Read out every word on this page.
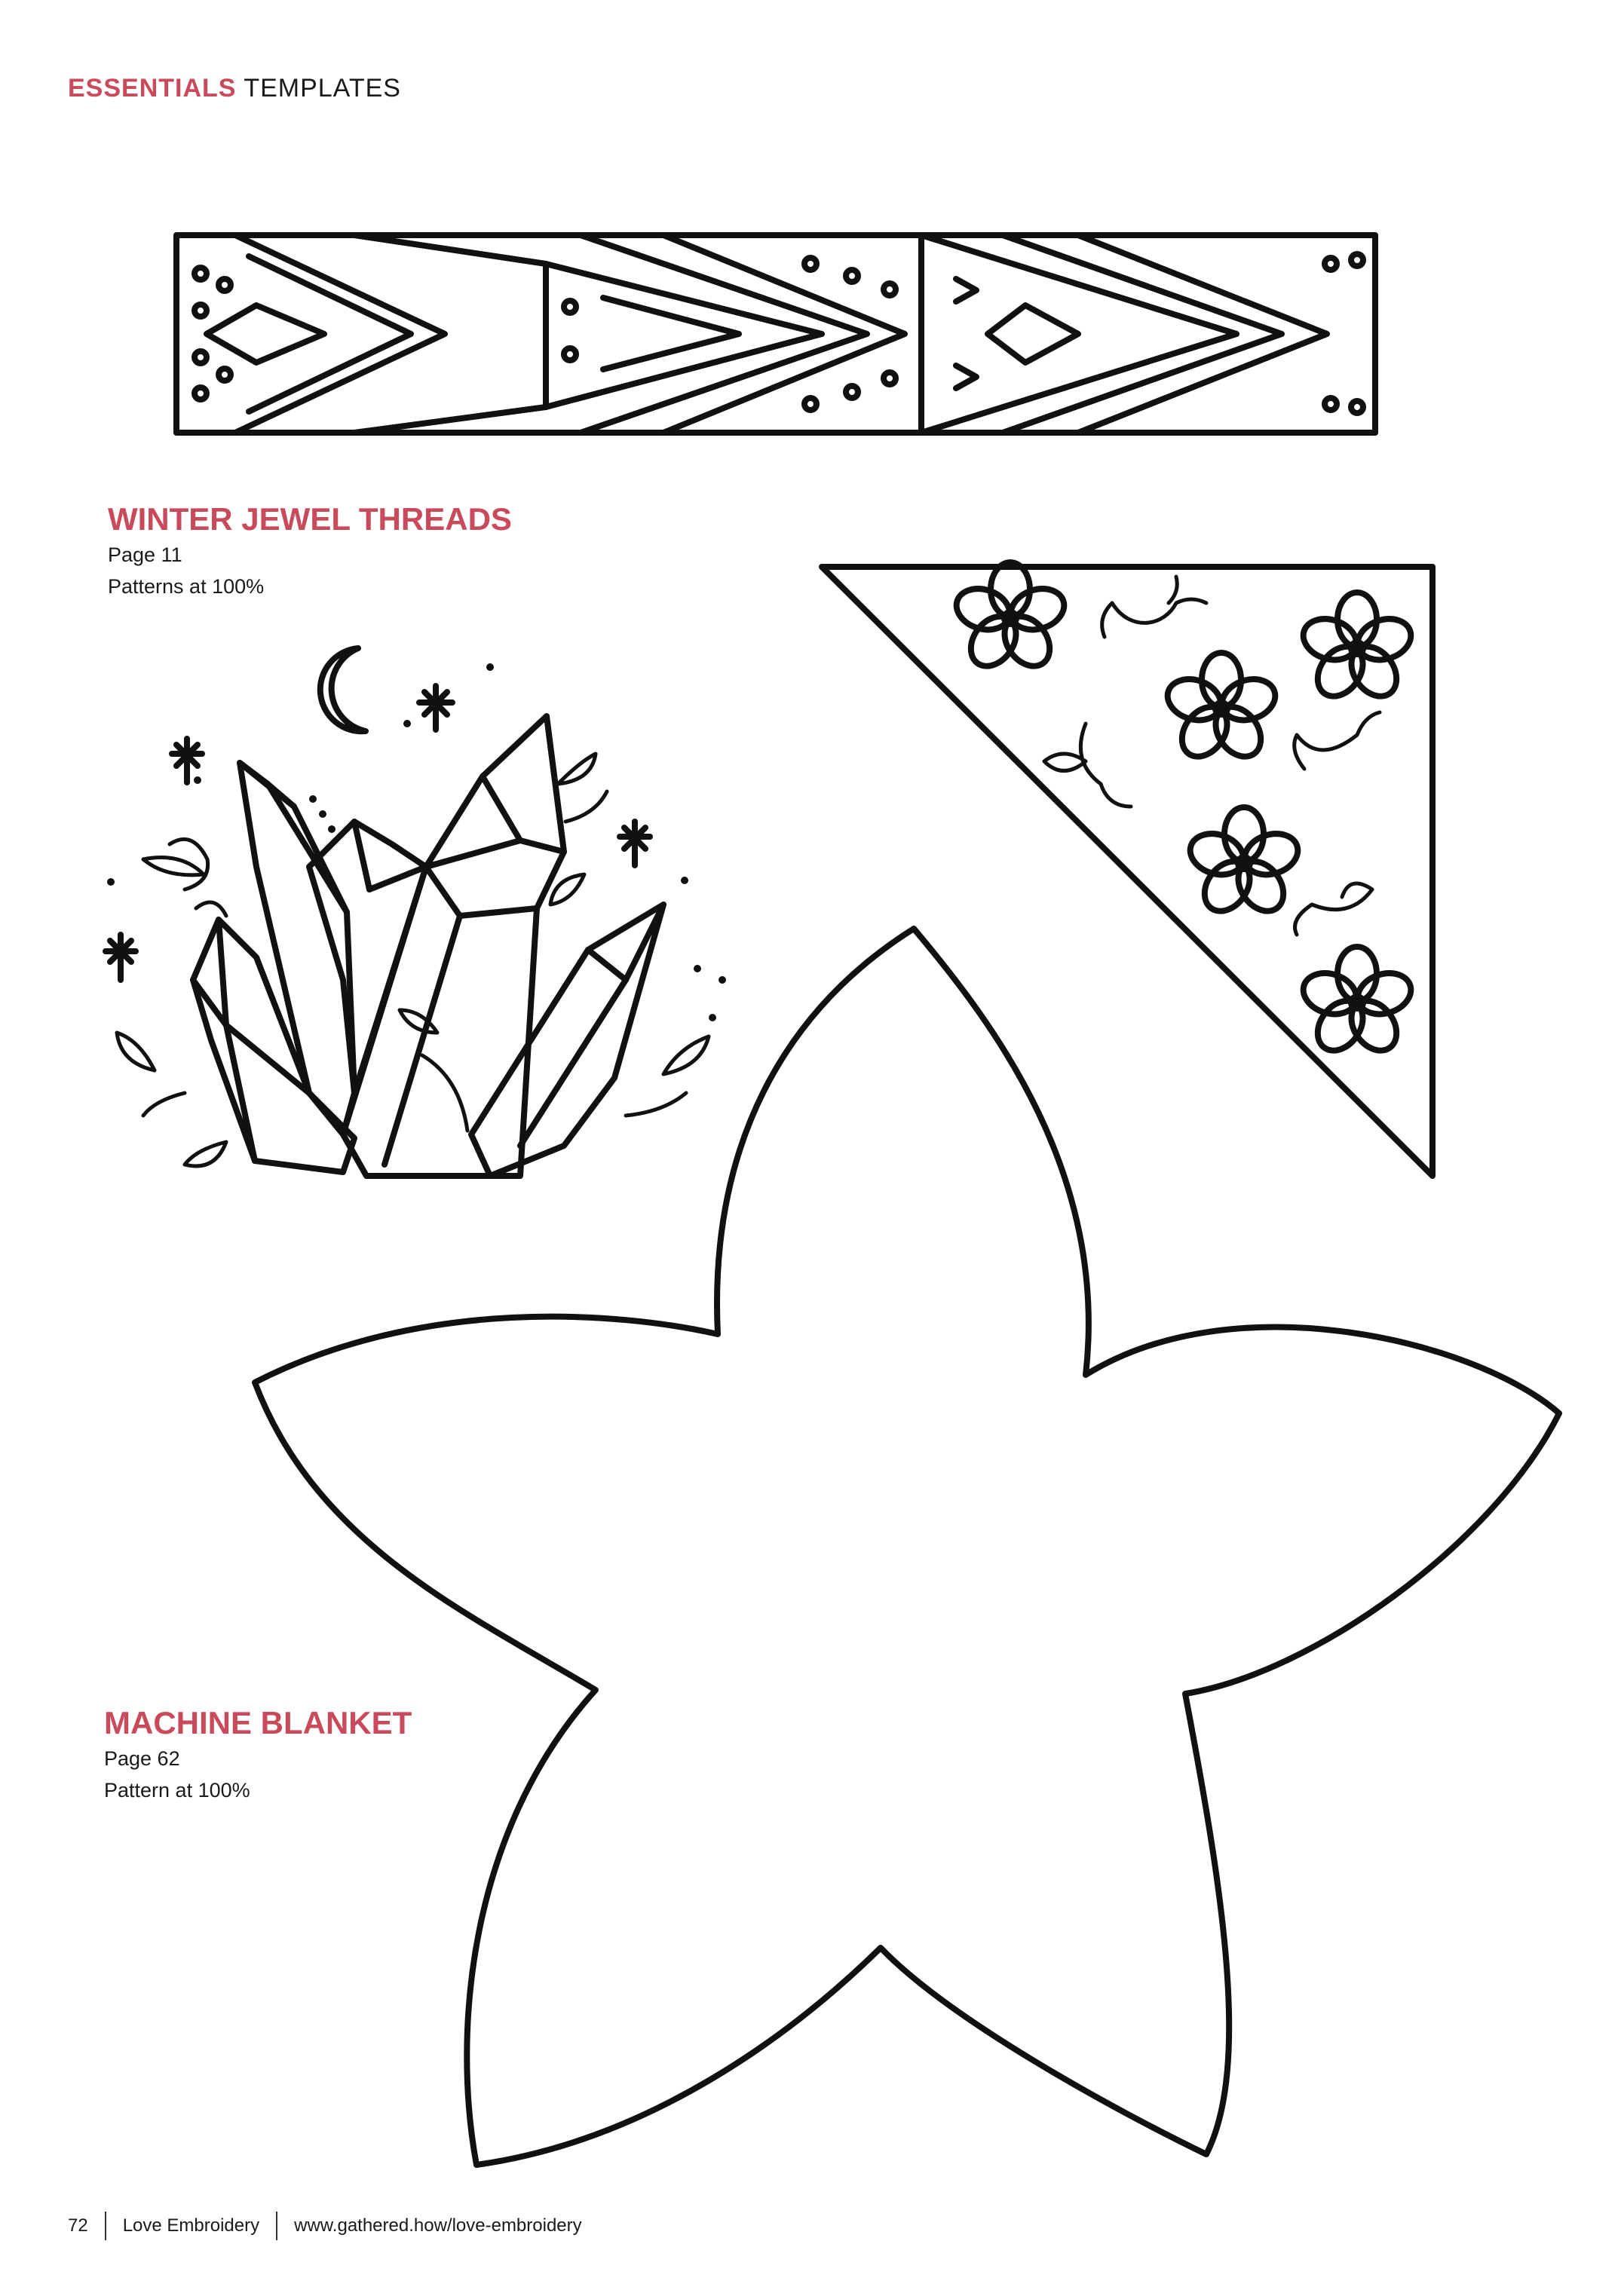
ESSENTIALS TEMPLATES
WINTER JEWEL THREADS
Page 11
Patterns at 100%
MACHINE BLANKET
Page 62
Pattern at 100%
72 Love Embroidery www.gathered.how/love-embroidery
